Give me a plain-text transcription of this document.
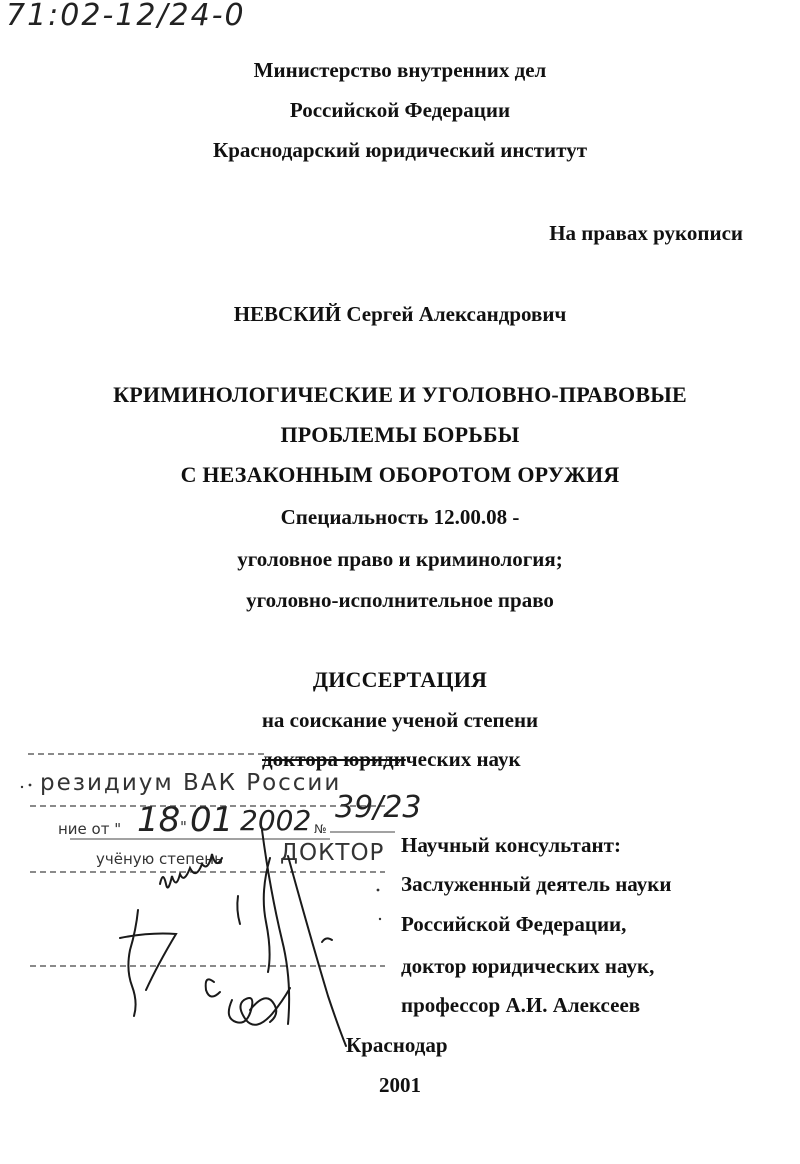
71:02-12/24-0
Министерство внутренних дел
Российской Федерации
Краснодарский юридический институт
На правах рукописи
НЕВСКИЙ Сергей Александрович
КРИМИНОЛОГИЧЕСКИЕ И УГОЛОВНО-ПРАВОВЫЕ
ПРОБЛЕМЫ БОРЬБЫ
С НЕЗАКОННЫМ ОБОРОТОМ ОРУЖИЯ
Специальность 12.00.08 -
уголовное право и криминология;
уголовно-исполнительное право
ДИССЕРТАЦИЯ
на соискание ученой степени
доктора юридических наук
резидиум ВАК России
ние от " 18 " 01 2002 №
39/23
учёную степень ДОКТОР Научный консультант:
Заслуженный деятель науки
Российской Федерации,
доктор юридических наук,
профессор А.И. Алексеев
Краснодар
2001
